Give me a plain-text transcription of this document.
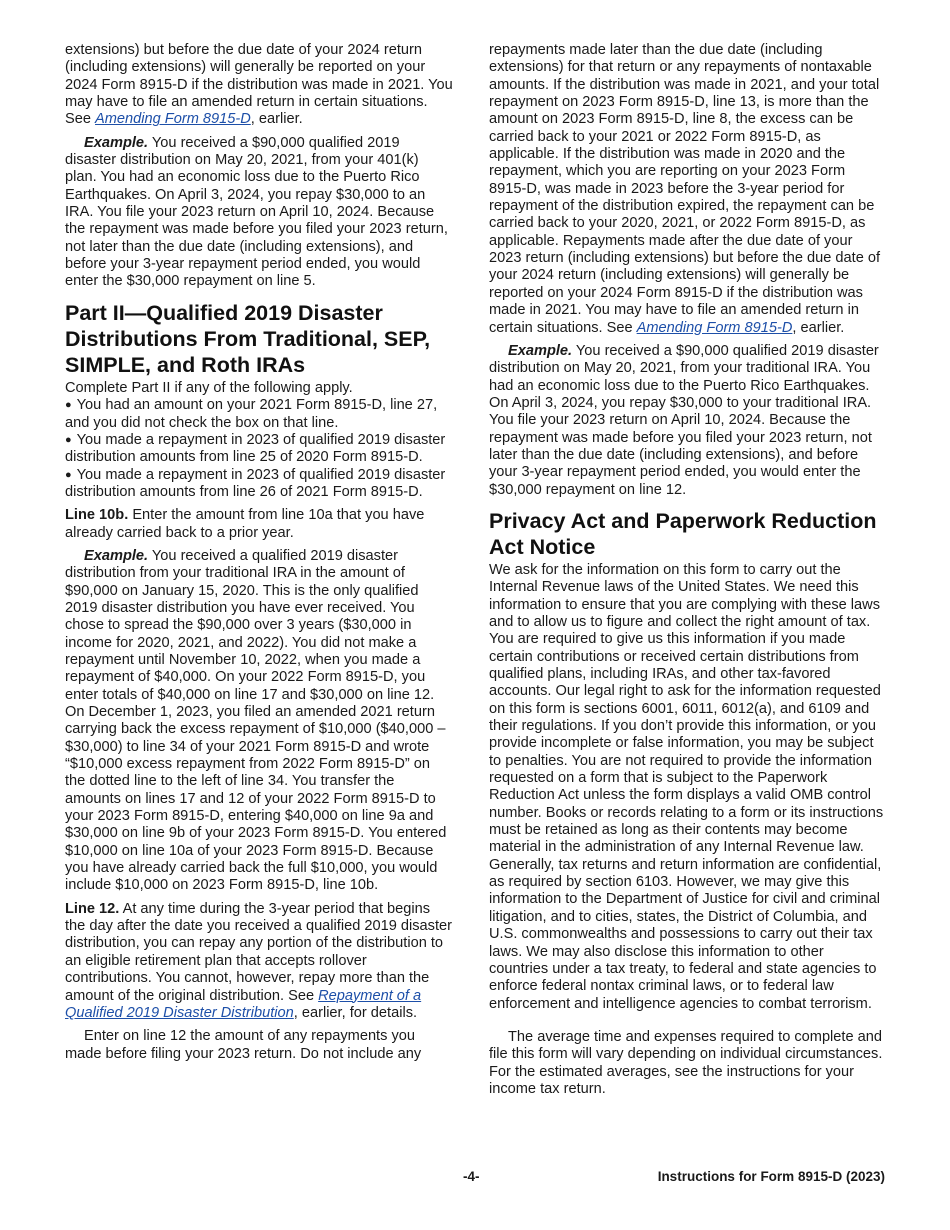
extensions) but before the due date of your 2024 return (including extensions) will generally be reported on your 2024 Form 8915-D if the distribution was made in 2021. You may have to file an amended return in certain situations. See Amending Form 8915-D, earlier.

Example. You received a $90,000 qualified 2019 disaster distribution on May 20, 2021, from your 401(k) plan. You had an economic loss due to the Puerto Rico Earthquakes. On April 3, 2024, you repay $30,000 to an IRA. You file your 2023 return on April 10, 2024. Because the repayment was made before you filed your 2023 return, not later than the due date (including extensions), and before your 3-year repayment period ended, you would enter the $30,000 repayment on line 5.

Part II—Qualified 2019 Disaster Distributions From Traditional, SEP, SIMPLE, and Roth IRAs

Complete Part II if any of the following apply.

● You had an amount on your 2021 Form 8915-D, line 27, and you did not check the box on that line.

● You made a repayment in 2023 of qualified 2019 disaster distribution amounts from line 25 of 2020 Form 8915-D.

● You made a repayment in 2023 of qualified 2019 disaster distribution amounts from line 26 of 2021 Form 8915-D.

Line 10b. Enter the amount from line 10a that you have already carried back to a prior year.

Example. You received a qualified 2019 disaster distribution from your traditional IRA in the amount of $90,000 on January 15, 2020. This is the only qualified 2019 disaster distribution you have ever received. You chose to spread the $90,000 over 3 years ($30,000 in income for 2020, 2021, and 2022). You did not make a repayment until November 10, 2022, when you made a repayment of $40,000. On your 2022 Form 8915-D, you enter totals of $40,000 on line 17 and $30,000 on line 12. On December 1, 2023, you filed an amended 2021 return carrying back the excess repayment of $10,000 ($40,000 – $30,000) to line 34 of your 2021 Form 8915-D and wrote “$10,000 excess repayment from 2022 Form 8915-D” on the dotted line to the left of line 34. You transfer the amounts on lines 17 and 12 of your 2022 Form 8915-D to your 2023 Form 8915-D, entering $40,000 on line 9a and $30,000 on line 9b of your 2023 Form 8915-D. You entered $10,000 on line 10a of your 2023 Form 8915-D. Because you have already carried back the full $10,000, you would include $10,000 on 2023 Form 8915-D, line 10b.

Line 12. At any time during the 3-year period that begins the day after the date you received a qualified 2019 disaster distribution, you can repay any portion of the distribution to an eligible retirement plan that accepts rollover contributions. You cannot, however, repay more than the amount of the original distribution. See Repayment of a Qualified 2019 Disaster Distribution, earlier, for details.

Enter on line 12 the amount of any repayments you made before filing your 2023 return. Do not include any

repayments made later than the due date (including extensions) for that return or any repayments of nontaxable amounts. If the distribution was made in 2021, and your total repayment on 2023 Form 8915-D, line 13, is more than the amount on 2023 Form 8915-D, line 8, the excess can be carried back to your 2021 or 2022 Form 8915-D, as applicable. If the distribution was made in 2020 and the repayment, which you are reporting on your 2023 Form 8915-D, was made in 2023 before the 3-year period for repayment of the distribution expired, the repayment can be carried back to your 2020, 2021, or 2022 Form 8915-D, as applicable. Repayments made after the due date of your 2023 return (including extensions) but before the due date of your 2024 return (including extensions) will generally be reported on your 2024 Form 8915-D if the distribution was made in 2021. You may have to file an amended return in certain situations. See Amending Form 8915-D, earlier.

Example. You received a $90,000 qualified 2019 disaster distribution on May 20, 2021, from your traditional IRA. You had an economic loss due to the Puerto Rico Earthquakes. On April 3, 2024, you repay $30,000 to your traditional IRA. You file your 2023 return on April 10, 2024. Because the repayment was made before you filed your 2023 return, not later than the due date (including extensions), and before your 3-year repayment period ended, you would enter the $30,000 repayment on line 12.

Privacy Act and Paperwork Reduction Act Notice

We ask for the information on this form to carry out the Internal Revenue laws of the United States. We need this information to ensure that you are complying with these laws and to allow us to figure and collect the right amount of tax. You are required to give us this information if you made certain contributions or received certain distributions from qualified plans, including IRAs, and other tax-favored accounts. Our legal right to ask for the information requested on this form is sections 6001, 6011, 6012(a), and 6109 and their regulations. If you don’t provide this information, or you provide incomplete or false information, you may be subject to penalties. You are not required to provide the information requested on a form that is subject to the Paperwork Reduction Act unless the form displays a valid OMB control number. Books or records relating to a form or its instructions must be retained as long as their contents may become material in the administration of any Internal Revenue law. Generally, tax returns and return information are confidential, as required by section 6103. However, we may give this information to the Department of Justice for civil and criminal litigation, and to cities, states, the District of Columbia, and U.S. commonwealths and possessions to carry out their tax laws. We may also disclose this information to other countries under a tax treaty, to federal and state agencies to enforce federal nontax criminal laws, or to federal law enforcement and intelligence agencies to combat terrorism.

The average time and expenses required to complete and file this form will vary depending on individual circumstances. For the estimated averages, see the instructions for your income tax return.

-4-	Instructions for Form 8915-D (2023)
